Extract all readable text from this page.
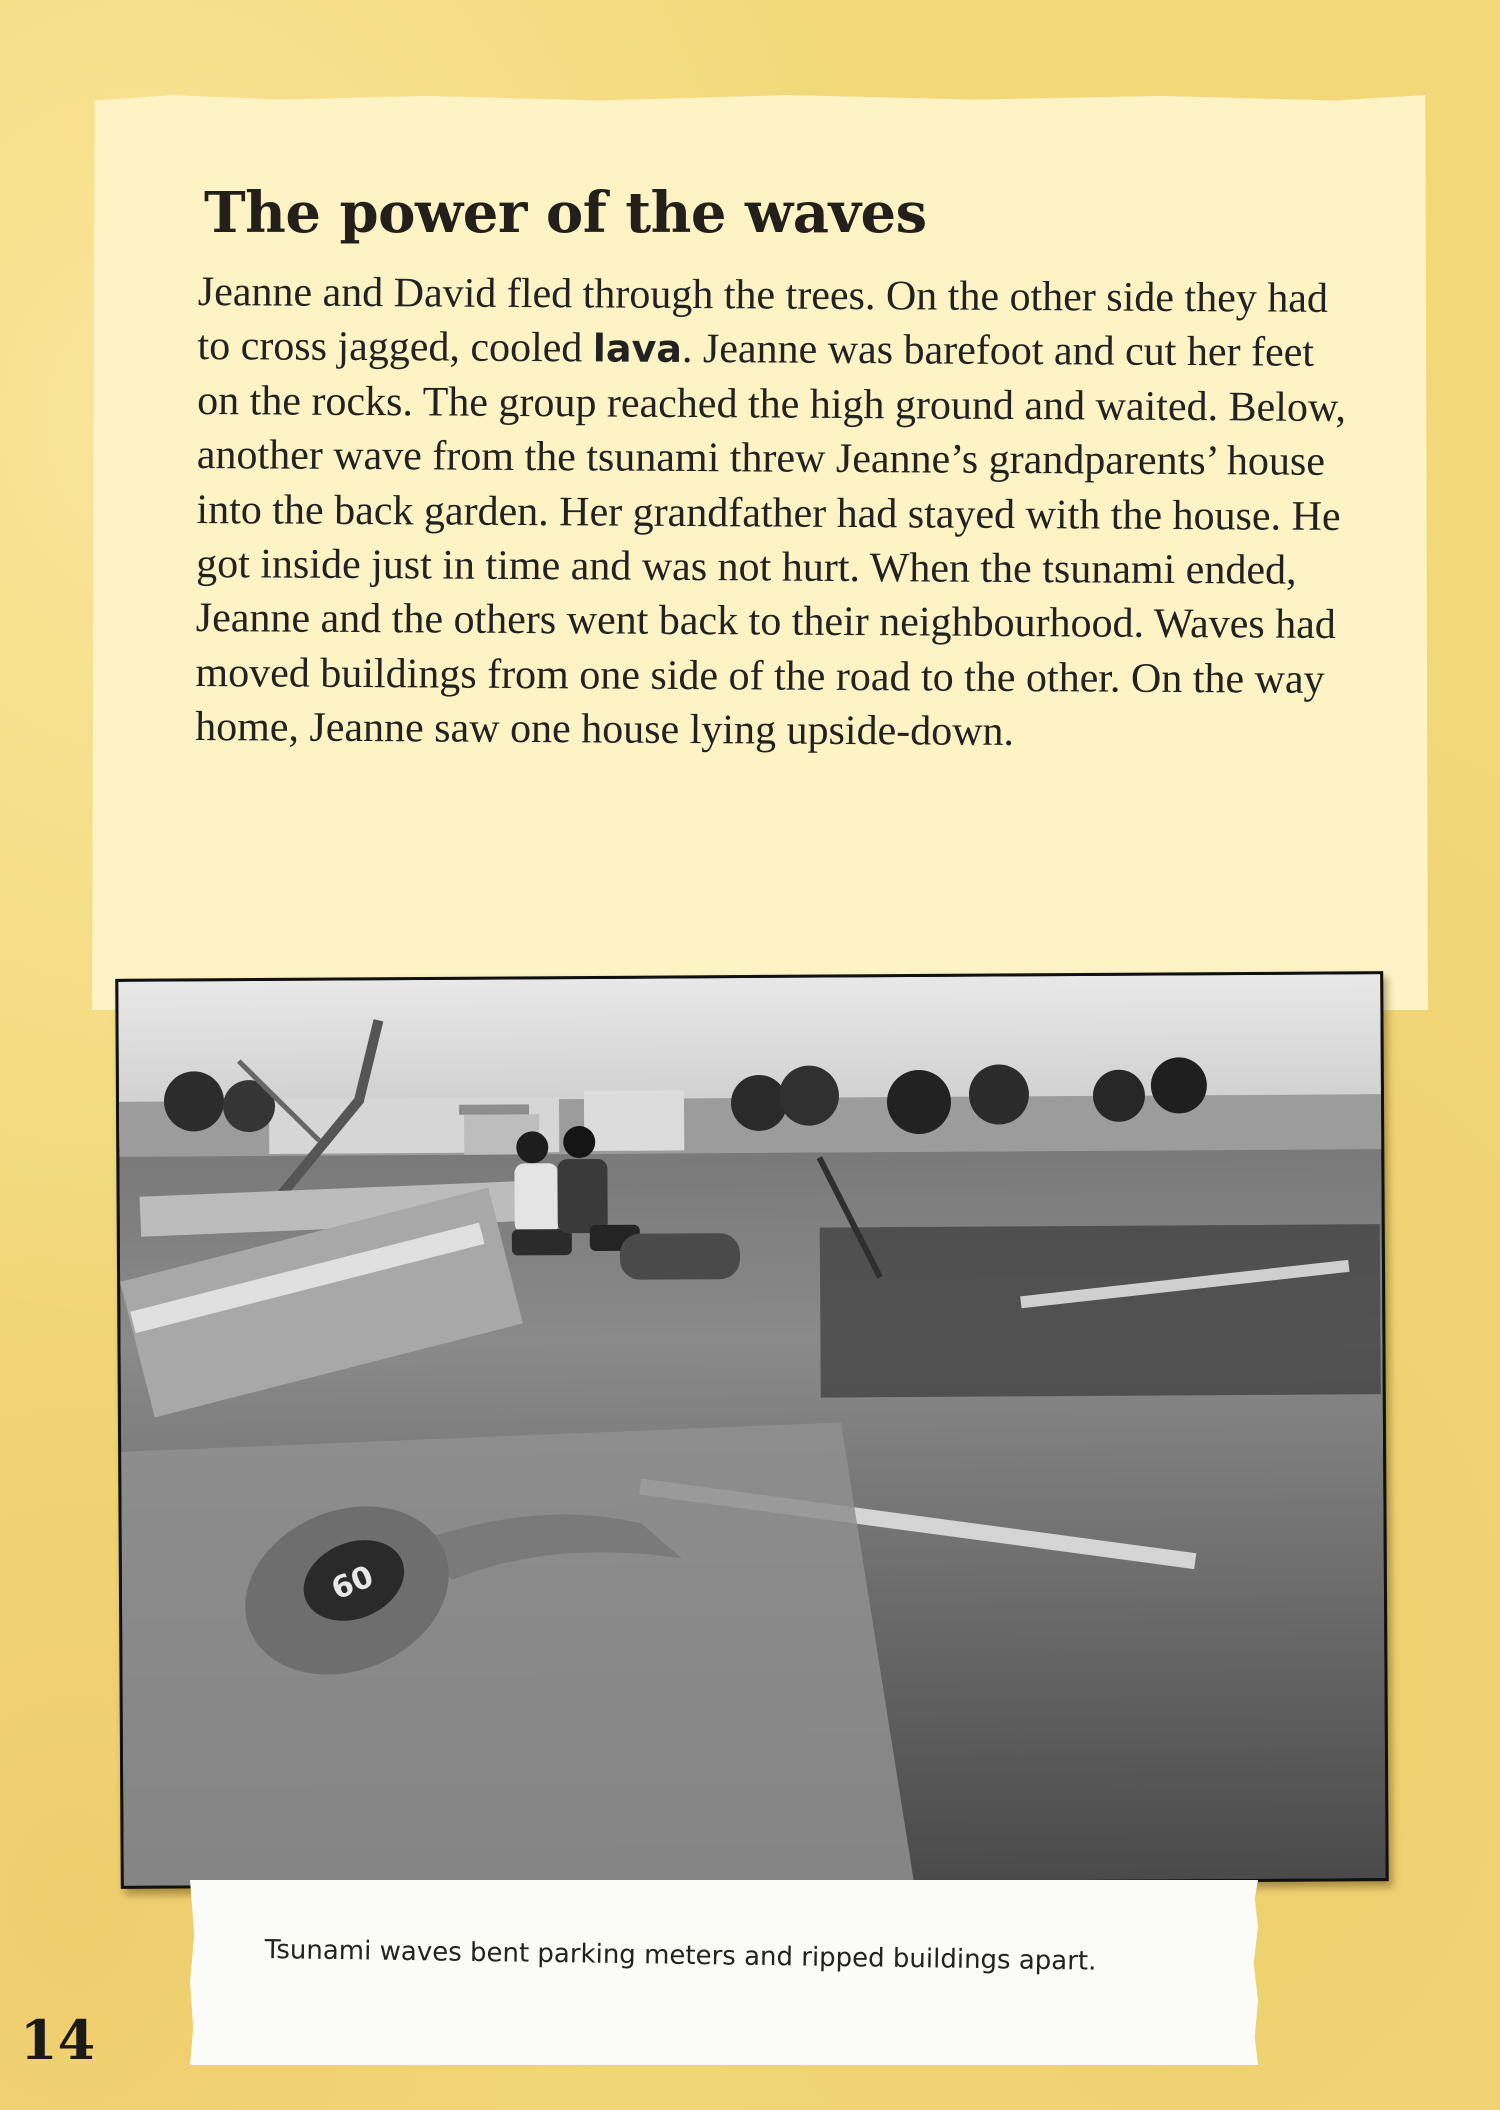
The power of the waves

Jeanne and David fled through the trees. On the other side they had to cross jagged, cooled lava. Jeanne was barefoot and cut her feet on the rocks. The group reached the high ground and waited. Below, another wave from the tsunami threw Jeanne’s grandparents’ house into the back garden. Her grandfather had stayed with the house. He got inside just in time and was not hurt. When the tsunami ended, Jeanne and the others went back to their neighbourhood. Waves had moved buildings from one side of the road to the other. On the way home, Jeanne saw one house lying upside-down.

60

Tsunami waves bent parking meters and ripped buildings apart.

14
